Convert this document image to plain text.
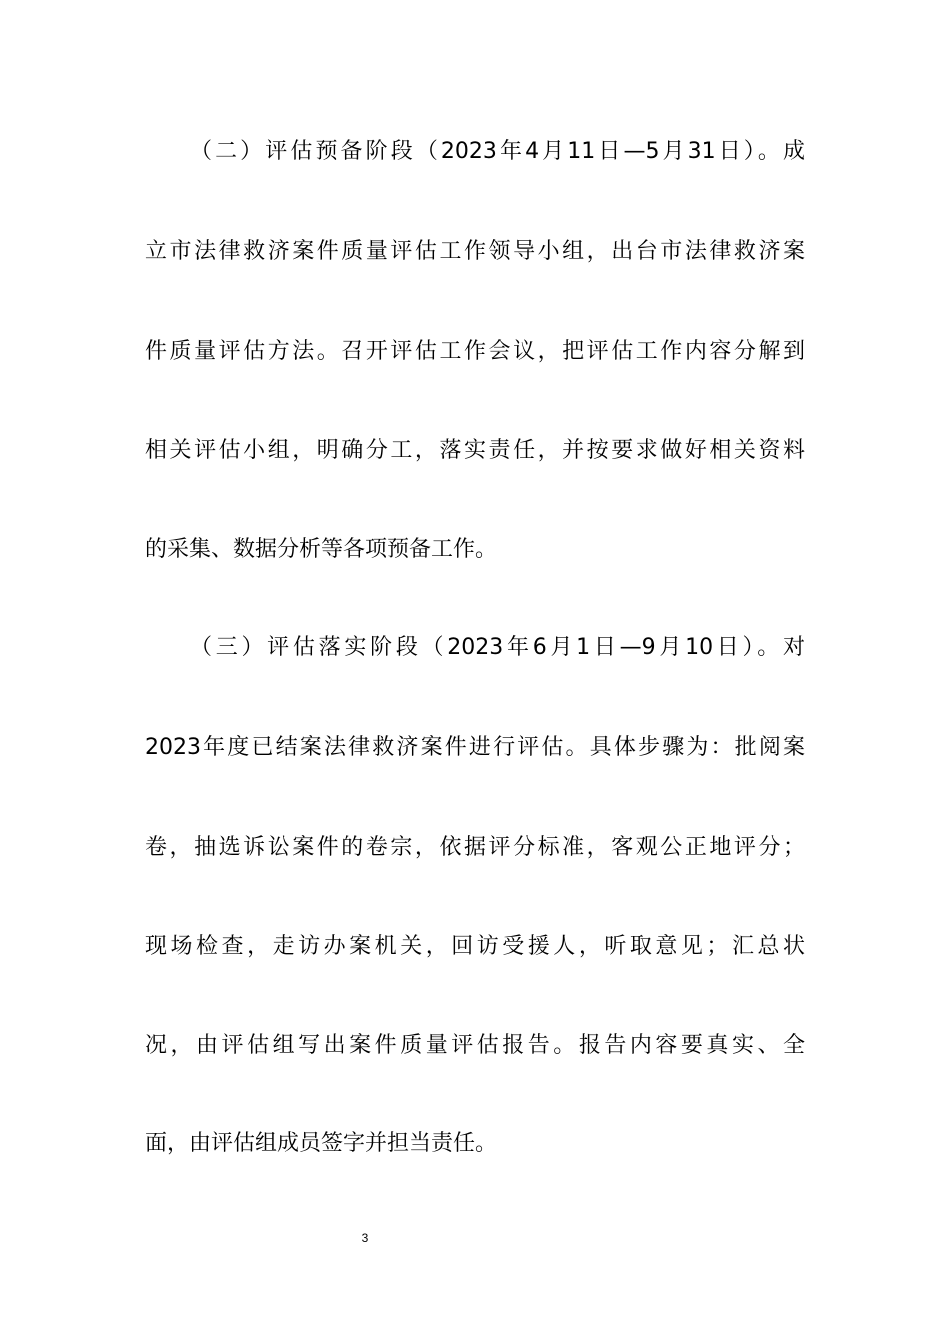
（二）评估预备阶段（2023年4月11日—5月31日）。成
立市法律救济案件质量评估工作领导小组，出台市法律救济案
件质量评估方法。召开评估工作会议，把评估工作内容分解到
相关评估小组，明确分工，落实责任，并按要求做好相关资料
的采集、数据分析等各项预备工作。
（三）评估落实阶段（2023年6月1日—9月10日）。对
2023年度已结案法律救济案件进行评估。具体步骤为：批阅案
卷，抽选诉讼案件的卷宗，依据评分标准，客观公正地评分；
现场检查，走访办案机关，回访受援人，听取意见；汇总状
况，由评估组写出案件质量评估报告。报告内容要真实、全
面，由评估组成员签字并担当责任。
3
